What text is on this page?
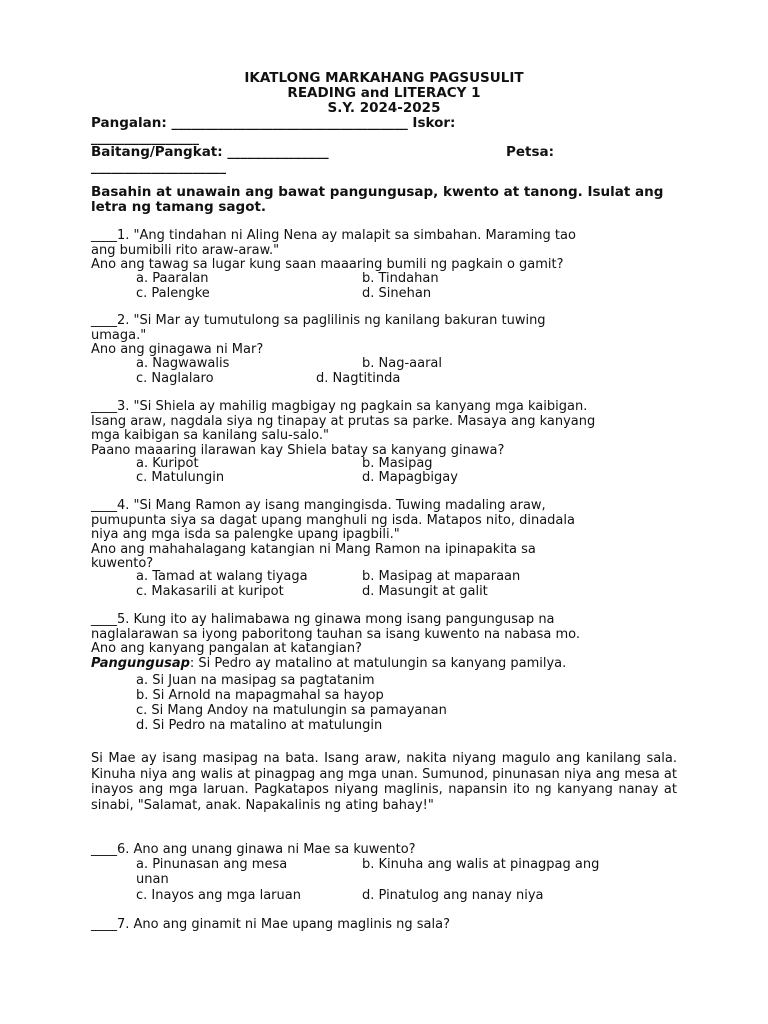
IKATLONG MARKAHANG PAGSUSULIT
READING and LITERACY 1
S.Y. 2024-2025
Pangalan: ___________________________________ Iskor:
________________
Baitang/Pangkat: _______________	Petsa:
____________________
Basahin at unawain ang bawat pangungusap, kwento at tanong. Isulat ang letra ng tamang sagot.
____1. "Ang tindahan ni Aling Nena ay malapit sa simbahan. Maraming tao
ang bumibili rito araw-araw."
Ano ang tawag sa lugar kung saan maaaring bumili ng pagkain o gamit?
a. Paaralan	b. Tindahan
c. Palengke	d. Sinehan
____2. "Si Mar ay tumutulong sa paglilinis ng kanilang bakuran tuwing
umaga."
Ano ang ginagawa ni Mar?
a. Nagwawalis	b. Nag-aaral
c. Naglalaro	d. Nagtitinda
____3. "Si Shiela ay mahilig magbigay ng pagkain sa kanyang mga kaibigan.
Isang araw, nagdala siya ng tinapay at prutas sa parke. Masaya ang kanyang
mga kaibigan sa kanilang salu-salo."
Paano maaaring ilarawan kay Shiela batay sa kanyang ginawa?
a. Kuripot	b. Masipag
c. Matulungin	d. Mapagbigay
____4. "Si Mang Ramon ay isang mangingisda. Tuwing madaling araw,
pumupunta siya sa dagat upang manghuli ng isda. Matapos nito, dinadala
niya ang mga isda sa palengke upang ipagbili."
Ano ang mahahalagang katangian ni Mang Ramon na ipinapakita sa
kuwento?
a. Tamad at walang tiyaga	b. Masipag at maparaan
c. Makasarili at kuripot	d. Masungit at galit
____5. Kung ito ay halimabawa ng ginawa mong isang pangungusap na
naglalarawan sa iyong paboritong tauhan sa isang kuwento na nabasa mo.
Ano ang kanyang pangalan at katangian?
Pangungusap: Si Pedro ay matalino at matulungin sa kanyang pamilya.
a. Si Juan na masipag sa pagtatanim
b. Si Arnold na mapagmahal sa hayop
c. Si Mang Andoy na matulungin sa pamayanan
d. Si Pedro na matalino at matulungin
Si Mae ay isang masipag na bata. Isang araw, nakita niyang magulo ang kanilang sala. Kinuha niya ang walis at pinagpag ang mga unan. Sumunod, pinunasan niya ang mesa at inayos ang mga laruan. Pagkatapos niyang maglinis, napansin ito ng kanyang nanay at sinabi, "Salamat, anak. Napakalinis ng ating bahay!"
____6. Ano ang unang ginawa ni Mae sa kuwento?
a. Pinunasan ang mesa	b. Kinuha ang walis at pinagpag ang
unan
c. Inayos ang mga laruan	d. Pinatulog ang nanay niya
____7. Ano ang ginamit ni Mae upang maglinis ng sala?
